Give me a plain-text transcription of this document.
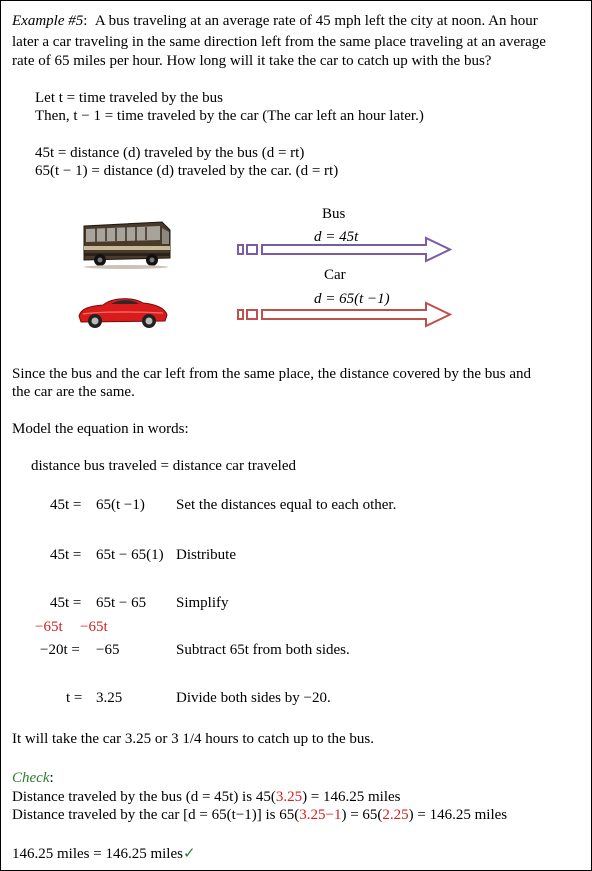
Example #5: A bus traveling at an average rate of 45 mph left the city at noon. An hour
later a car traveling in the same direction left from the same place traveling at an average
rate of 65 miles per hour. How long will it take the car to catch up with the bus?
Let t = time traveled by the bus
Then, t − 1 = time traveled by the car (The car left an hour later.)
45t = distance (d) traveled by the bus (d = rt)
65(t − 1) = distance (d) traveled by the car. (d = rt)
Bus
d = 45t
Car
d = 65(t −1)
Since the bus and the car left from the same place, the distance covered by the bus and
the car are the same.
Model the equation in words:
distance bus traveled = distance car traveled
45t = 65(t −1) Set the distances equal to each other.
45t = 65t − 65(1) Distribute
45t = 65t − 65 Simplify
−65t −65t
−20t = −65	Subtract 65t from both sides.
t = 3.25	Divide both sides by −20.
It will take the car 3.25 or 3 1/4 hours to catch up to the bus.
Check:
Distance traveled by the bus (d = 45t) is 45(3.25) = 146.25 miles
Distance traveled by the car [d = 65(t−1)] is 65(3.25−1) = 65(2.25) = 146.25 miles
146.25 miles = 146.25 miles✓
